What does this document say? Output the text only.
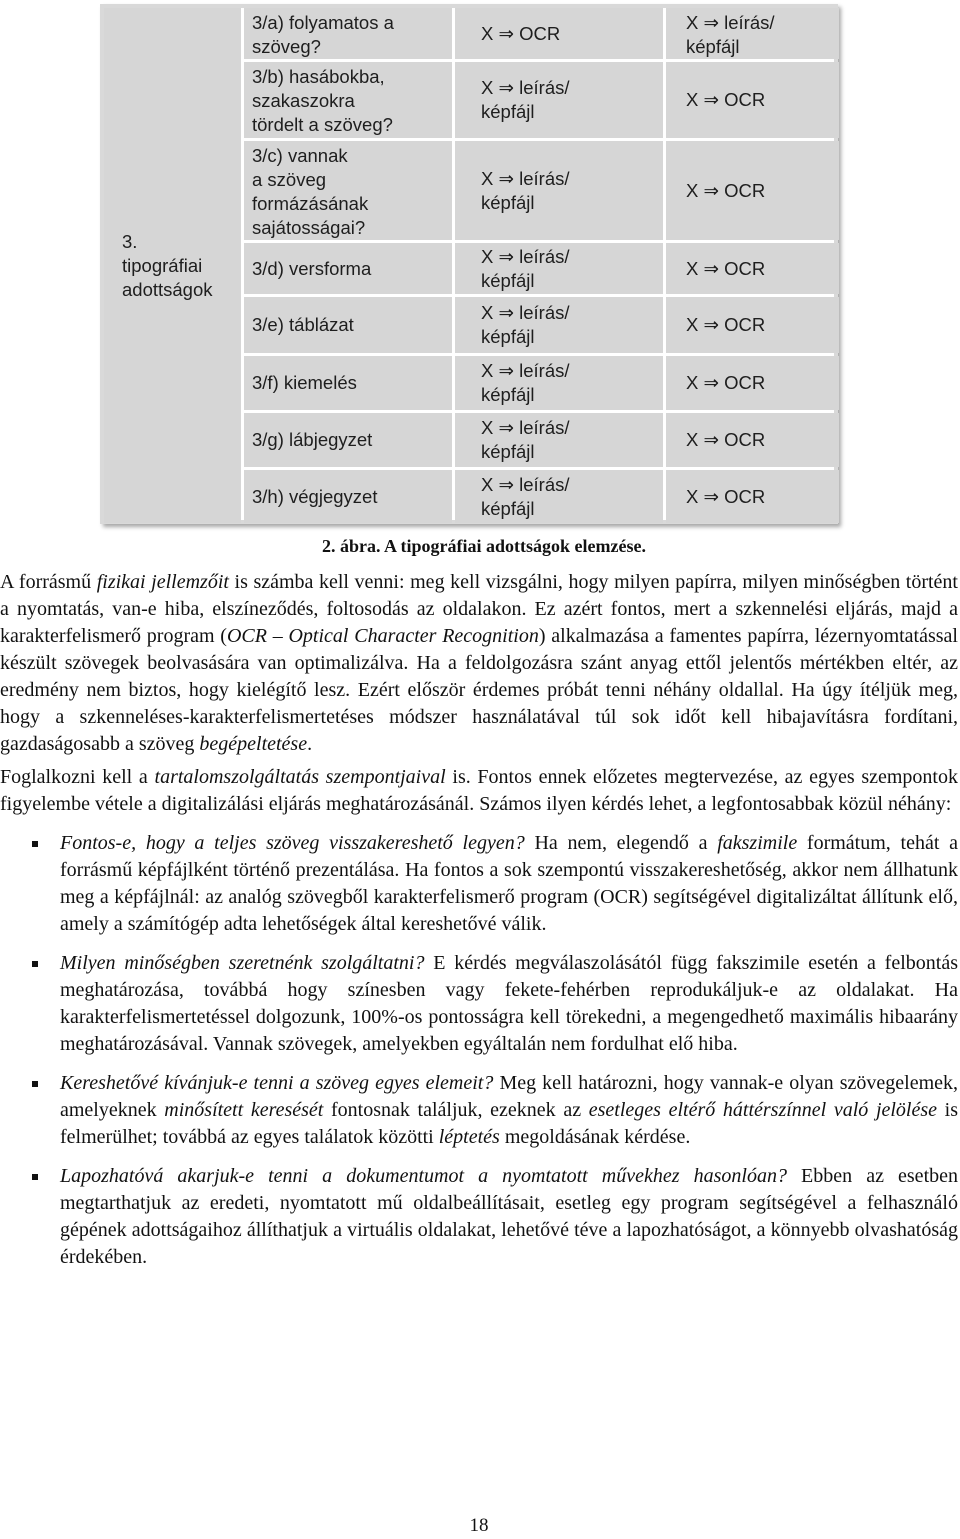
3.
tipográfiai
adottságok
3/a) folyamatos a
szöveg?
X ⇒ OCR	X ⇒ leírás/
képfájl
3/b) hasábokba,
szakaszokra
tördelt a szöveg?
X ⇒ leírás/
képfájl
X ⇒ OCR
3/c) vannak
a szöveg
formázásának
sajátosságai?
X ⇒ leírás/
képfájl
X ⇒ OCR
3/d) versforma
X ⇒ leírás/
képfájl
X ⇒ OCR
3/e) táblázat
X ⇒ leírás/
képfájl
X ⇒ OCR
3/f) kiemelés
X ⇒ leírás/
képfájl
X ⇒ OCR
3/g) lábjegyzet
X ⇒ leírás/
képfájl
X ⇒ OCR
3/h) végjegyzet
X ⇒ leírás/
képfájl
X ⇒ OCR
2. ábra. A tipográfiai adottságok elemzése.

A forrásmű fizikai jellemzőit is számba kell venni: meg kell vizsgálni, hogy milyen papírra, milyen minőségben történt a nyomtatás, van-e hiba, elszíneződés, foltosodás az oldalakon. Ez azért fontos, mert a szkennelési eljárás, majd a karakterfelismerő program (OCR – Optical Character Recognition) alkalmazása a famentes papírra, lézernyomtatással készült szövegek beolvasására van optimalizálva. Ha a feldolgozásra szánt anyag ettől jelentős mértékben eltér, az eredmény nem biztos, hogy kielégítő lesz. Ezért először érdemes próbát tenni néhány oldallal. Ha úgy ítéljük meg, hogy a szkenneléses-karakterfelismertetéses módszer használatával túl sok időt kell hibajavításra fordítani, gazdaságosabb a szöveg begépeltetése.

Foglalkozni kell a tartalomszolgáltatás szempontjaival is. Fontos ennek előzetes megtervezése, az egyes szempontok figyelembe vétele a digitalizálási eljárás meghatározásánál. Számos ilyen kérdés lehet, a legfontosabbak közül néhány:

Fontos-e, hogy a teljes szöveg visszakereshető legyen? Ha nem, elegendő a fakszimile formátum, tehát a forrásmű képfájlként történő prezentálása. Ha fontos a sok szempontú visszakereshetőség, akkor nem állhatunk meg a képfájlnál: az analóg szövegből karakterfelismerő program (OCR) segítségével digitalizáltat állítunk elő, amely a számítógép adta lehetőségek által kereshetővé válik.
Milyen minőségben szeretnénk szolgáltatni? E kérdés megválaszolásától függ fakszimile esetén a felbontás meghatározása, továbbá hogy színesben vagy fekete-fehérben reprodukáljuk-e az oldalakat. Ha karakterfelismertetéssel dolgozunk, 100%-os pontosságra kell törekedni, a megengedhető maximális hibaarány meghatározásával. Vannak szövegek, amelyekben egyáltalán nem fordulhat elő hiba.
Kereshetővé kívánjuk-e tenni a szöveg egyes elemeit? Meg kell határozni, hogy vannak-e olyan szövegelemek, amelyeknek minősített keresését fontosnak találjuk, ezeknek az esetleges eltérő háttérszínnel való jelölése is felmerülhet; továbbá az egyes találatok közötti léptetés megoldásának kérdése.
Lapozhatóvá akarjuk-e tenni a dokumentumot a nyomtatott művekhez hasonlóan? Ebben az esetben megtarthatjuk az eredeti, nyomtatott mű oldalbeállításait, esetleg egy program segítségével a felhasználó gépének adottságaihoz állíthatjuk a virtuális oldalakat, lehetővé téve a lapozhatóságot, a könnyebb olvashatóság érdekében.
18
